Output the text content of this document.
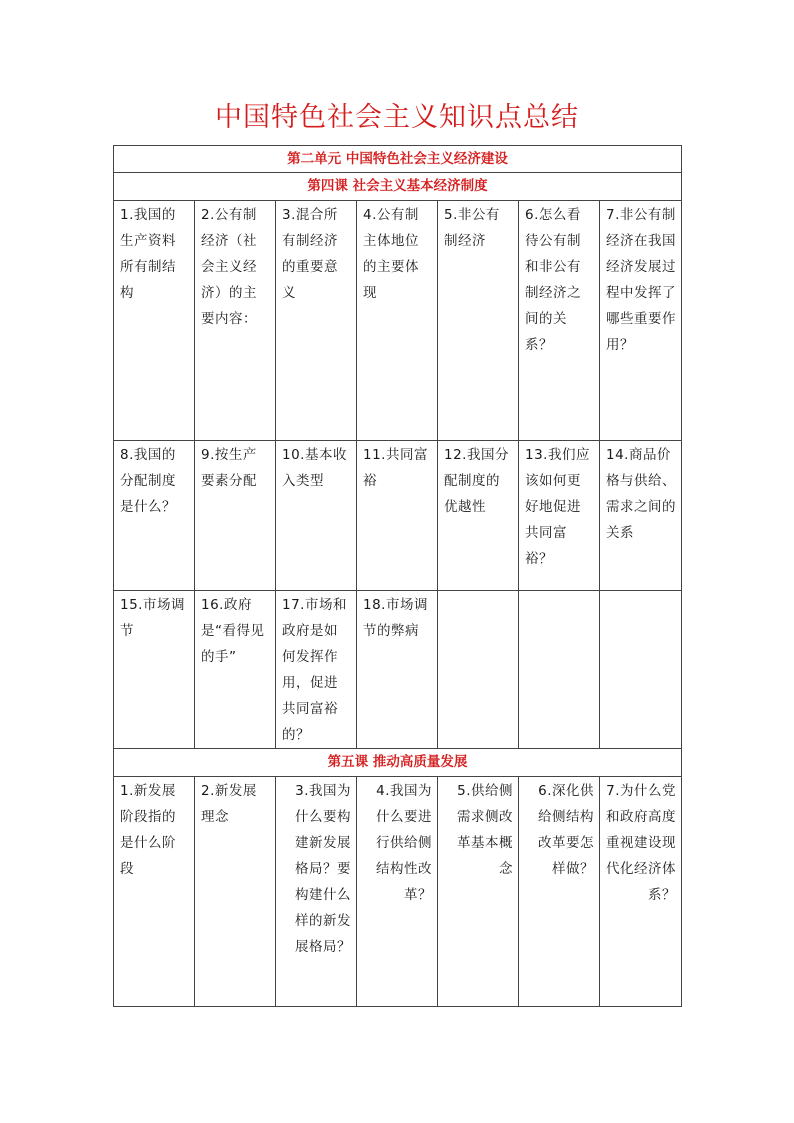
中国特色社会主义知识点总结
第二单元 中国特色社会主义经济建设						
第四课 社会主义基本经济制度						

1.我国的生产资料所有制结构	2.公有制经济（社会主义经济）的主要内容：	3.混合所有制经济的重要意义	4.公有制主体地位的主要体现	5.非公有制经济	6.怎么看待公有制和非公有制经济之间的关系？	7.非公有制经济在我国经济发展过程中发挥了哪些重要作用？

8.我国的分配制度是什么？	9.按生产要素分配	10.基本收入类型	11.共同富裕	12.我国分配制度的优越性	13.我们应该如何更好地促进共同富裕？	14.商品价格与供给、需求之间的关系

15.市场调节	16.政府是“看得见的手”	17.市场和政府是如何发挥作用，促进共同富裕的？	18.市场调节的弊病			

第五课 推动高质量发展						

1.新发展阶段指的是什么阶段	2.新发展理念	3.我国为什么要构建新发展格局？要构建什么样的新发展格局？	4.我国为什么要进行供给侧结构性改革？	5.供给侧需求侧改革基本概念	6.深化供给侧结构改革要怎样做？	7.为什么党和政府高度重视建设现代化经济体系？
